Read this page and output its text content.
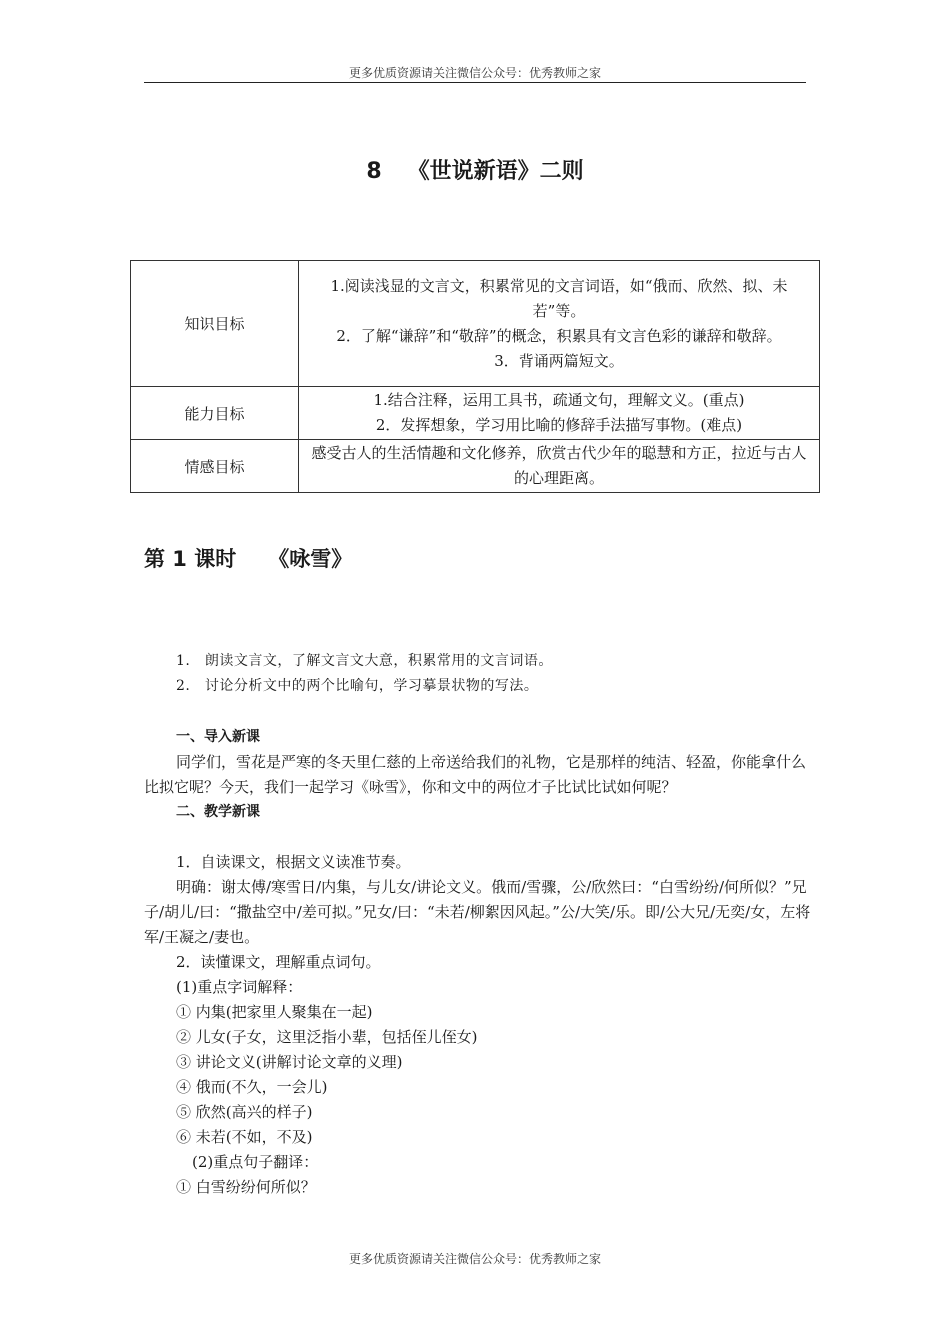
更多优质资源请关注微信公众号：优秀教师之家
8 《世说新语》二则
知识目标	1.阅读浅显的文言文，积累常见的文言词语，如“俄而、欣然、拟、未若”等。
2．了解“谦辞”和“敬辞”的概念，积累具有文言色彩的谦辞和敬辞。
3．背诵两篇短文。

能力目标	1.结合注释，运用工具书，疏通文句，理解文义。(重点)
2．发挥想象，学习用比喻的修辞手法描写事物。(难点)

情感目标	感受古人的生活情趣和文化修养，欣赏古代少年的聪慧和方正，拉近与古人的心理距离。
第 1 课时 《咏雪》
1.　朗读文言文，了解文言文大意，积累常用的文言词语。
2.　讨论分析文中的两个比喻句，学习摹景状物的写法。

一、导入新课

同学们，雪花是严寒的冬天里仁慈的上帝送给我们的礼物，它是那样的纯洁、轻盈，你能拿什么比拟它呢？今天，我们一起学习《咏雪》，你和文中的两位才子比试比试如何呢？

二、教学新课

1．自读课文，根据文义读准节奏。

明确：谢太傅/寒雪日/内集，与儿女/讲论文义。俄而/雪骤，公/欣然曰：“白雪纷纷/何所似？”兄子/胡儿/曰：“撒盐空中/差可拟。”兄女/曰：“未若/柳絮因风起。”公/大笑/乐。即/公大兄/无奕/女，左将军/王凝之/妻也。

2．读懂课文，理解重点词句。

(1)重点字词解释：

① 内集(把家里人聚集在一起)

② 儿女(子女，这里泛指小辈，包括侄儿侄女)

③ 讲论文义(讲解讨论文章的义理)

④ 俄而(不久，一会儿)

⑤ 欣然(高兴的样子)

⑥ 未若(不如，不及)

(2)重点句子翻译：

① 白雪纷纷何所似？

更多优质资源请关注微信公众号：优秀教师之家
